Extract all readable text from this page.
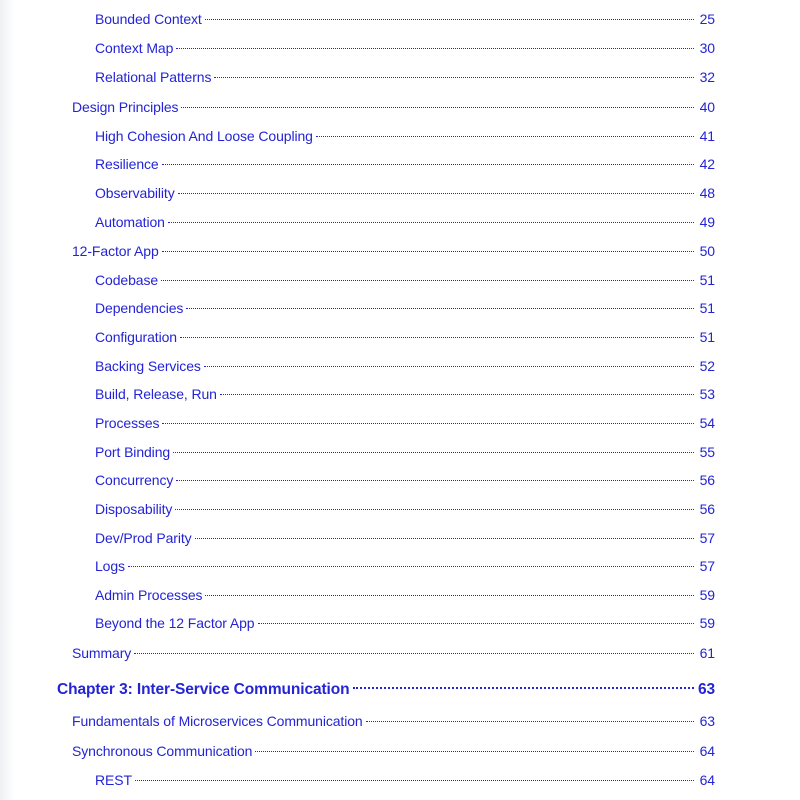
Bounded Context	25
Context Map	30
Relational Patterns	32
Design Principles	40
High Cohesion And Loose Coupling	41
Resilience	42
Observability	48
Automation	49
12-Factor App	50
Codebase	51
Dependencies	51
Configuration	51
Backing Services	52
Build, Release, Run	53
Processes	54
Port Binding	55
Concurrency	56
Disposability	56
Dev/Prod Parity	57
Logs	57
Admin Processes	59
Beyond the 12 Factor App	59
Summary	61
Chapter 3: Inter-Service Communication	63
Fundamentals of Microservices Communication	63
Synchronous Communication	64
REST	64
